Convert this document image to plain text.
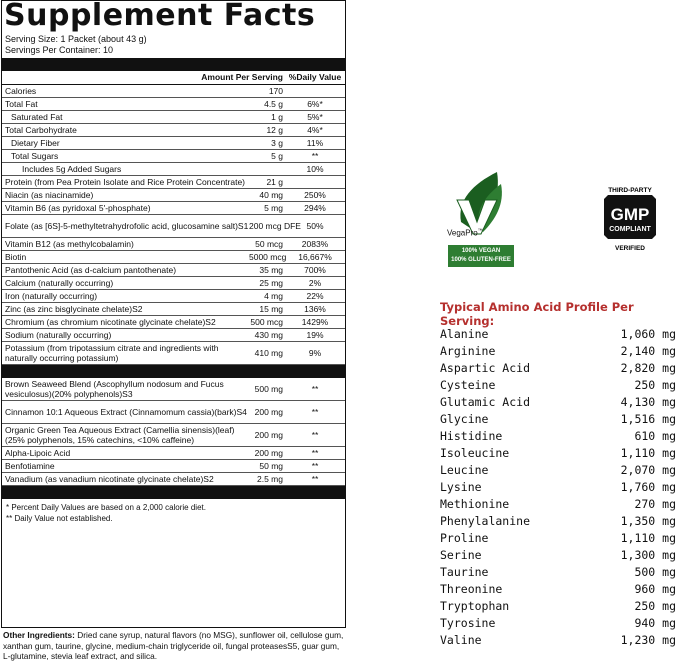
Supplement Facts
Serving Size: 1 Packet (about 43 g)
Servings Per Container: 10
Amount Per Serving %Daily Value
Calories	170
Total Fat	4.5 g	6%*
Saturated Fat	1 g	5%*
Total Carbohydrate	12 g	4%*
Dietary Fiber	3 g	11%
Total Sugars	5 g	**
Includes 5g Added Sugars	10%
Protein (from Pea Protein Isolate and Rice Protein Concentrate)	21 g
Niacin (as niacinamide)	40 mg	250%
Vitamin B6 (as pyridoxal 5'-phosphate)	5 mg	294%
Folate (as [6S]-5-methyltetrahydrofolic acid, glucosamine salt)S1 200 mcg DFE 50%
Vitamin B12 (as methylcobalamin)	50 mcg	2083%
Biotin	5000 mcg	16,667%
Pantothenic Acid (as d-calcium pantothenate)	35 mg	700%
Calcium (naturally occurring)	25 mg	2%
Iron (naturally occurring)	4 mg	22%
Zinc (as zinc bisglycinate chelate)S2	15 mg	136%
Chromium (as chromium nicotinate glycinate chelate)S2	500 mcg	1429%
Sodium (naturally occurring)	430 mg	19%
Potassium (from tripotassium citrate and ingredients with naturally occurring potassium)	410 mg	9%
Brown Seaweed Blend (Ascophyllum nodosum and Fucus vesiculosus)(20% polyphenols)S3	500 mg	**
Cinnamon 10:1 Aqueous Extract (Cinnamomum cassia)(bark)S4 200 mg	**
Organic Green Tea Aqueous Extract (Camellia sinensis)(leaf)(25% polyphenols, 15% catechins, <10% caffeine)	200 mg	**
Alpha-Lipoic Acid	200 mg	**
Benfotiamine	50 mg	**
Vanadium (as vanadium nicotinate glycinate chelate)S2	2.5 mg	**
* Percent Daily Values are based on a 2,000 calorie diet.
** Daily Value not established.
Other Ingredients: Dried cane syrup, natural flavors (no MSG), sunflower oil, cellulose gum, xanthan gum, taurine, glycine, medium-chain triglyceride oil, fungal proteasesS5, guar gum, L-glutamine, stevia leaf extract, and silica.
VegaPro™
100% VEGAN
100% GLUTEN-FREE
THIRD-PARTY
GMP
COMPLIANT
VERIFIED
Typical Amino Acid Profile Per Serving:
Alanine	1,060 mg
Arginine	2,140 mg
Aspartic Acid	2,820 mg
Cysteine	250 mg
Glutamic Acid	4,130 mg
Glycine	1,516 mg
Histidine	610 mg
Isoleucine	1,110 mg
Leucine	2,070 mg
Lysine	1,760 mg
Methionine	270 mg
Phenylalanine	1,350 mg
Proline	1,110 mg
Serine	1,300 mg
Taurine	500 mg
Threonine	960 mg
Tryptophan	250 mg
Tyrosine	940 mg
Valine	1,230 mg
